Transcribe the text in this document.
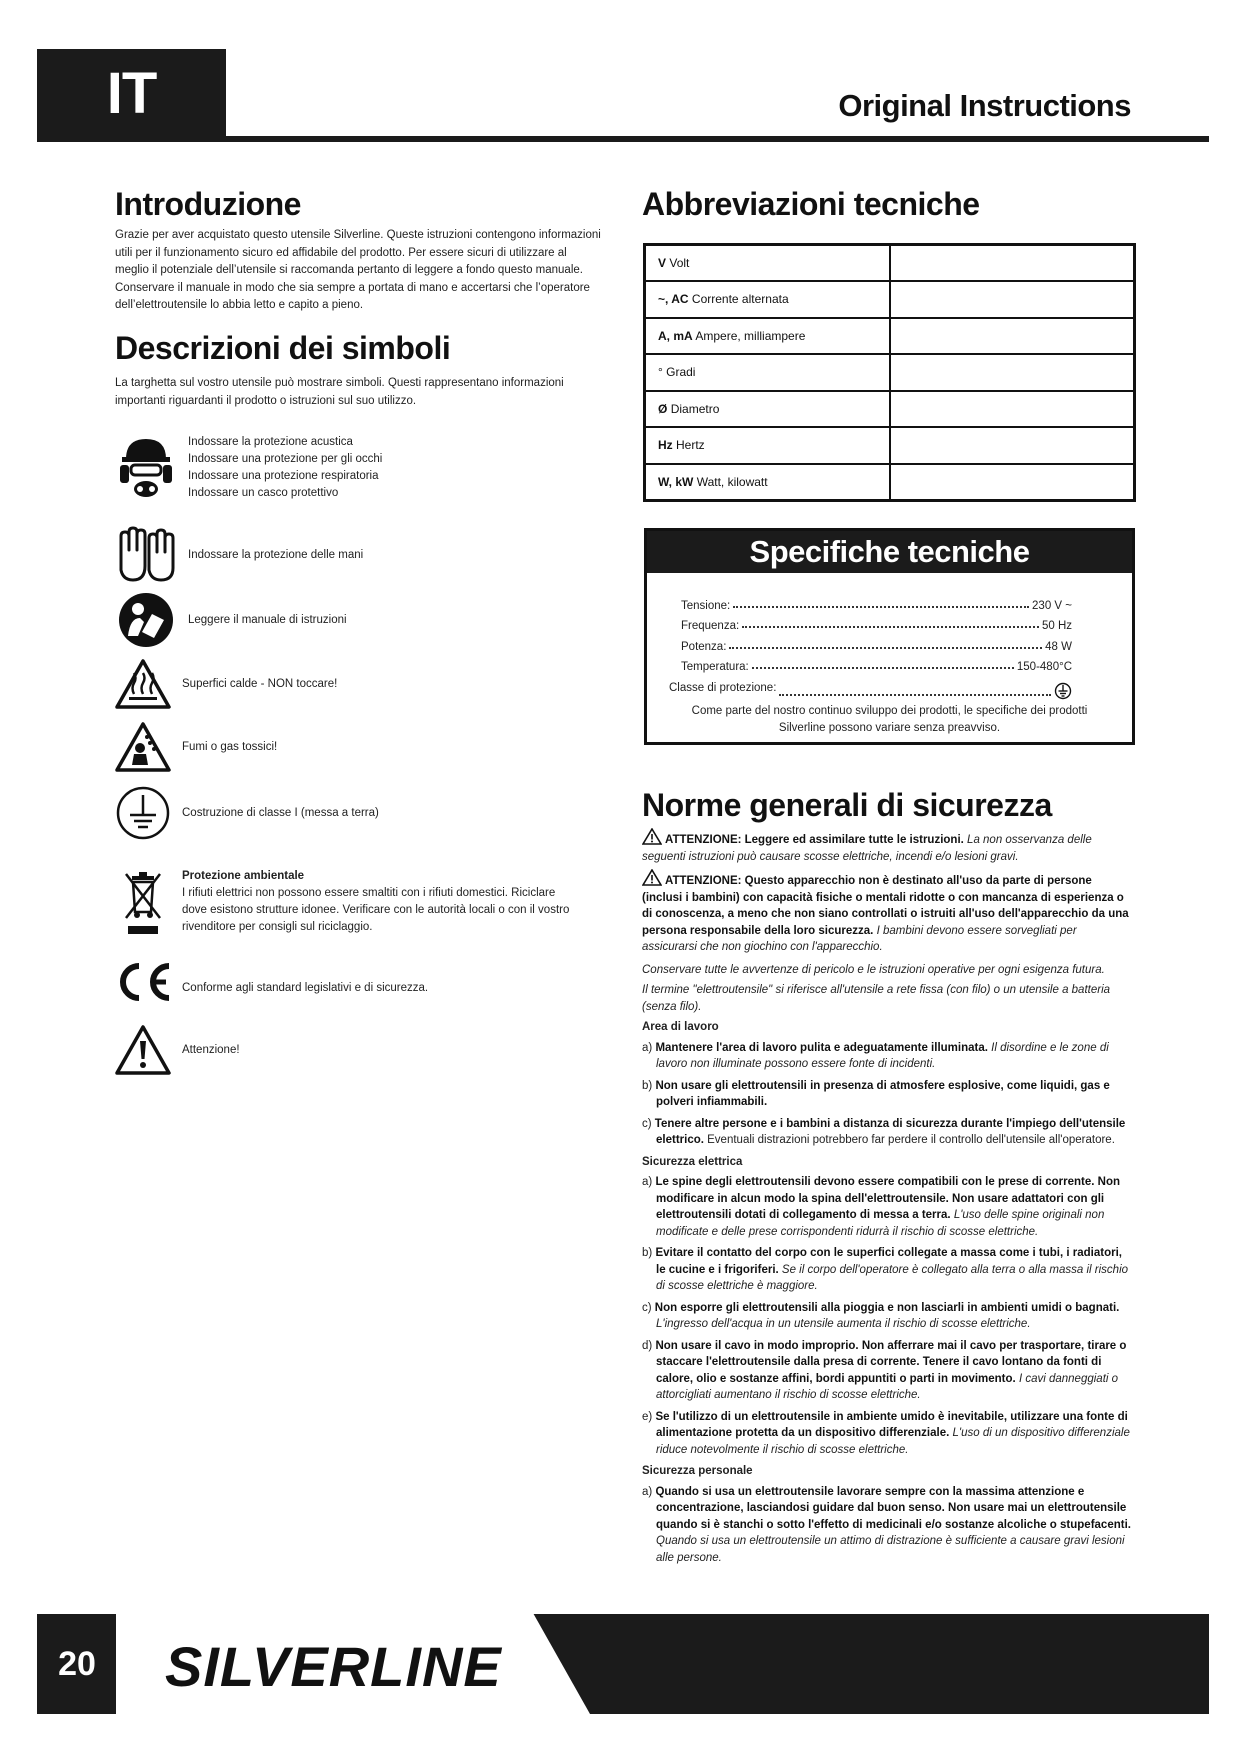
IT	Original Instructions
Introduzione
Grazie per aver acquistato questo utensile Silverline. Queste istruzioni contengono informazioni utili per il funzionamento sicuro ed affidabile del prodotto. Per essere sicuri di utilizzare al meglio il potenziale dell’utensile si raccomanda pertanto di leggere a fondo questo manuale. Conservare il manuale in modo che sia sempre a portata di mano e accertarsi che l’operatore dell’elettroutensile lo abbia letto e capito a pieno.
Descrizioni dei simboli
La targhetta sul vostro utensile può mostrare simboli. Questi rappresentano informazioni importanti riguardanti il prodotto o istruzioni sul suo utilizzo.
Indossare la protezione acustica
Indossare una protezione per gli occhi
Indossare una protezione respiratoria
Indossare un casco protettivo
Indossare la protezione delle mani
Leggere il manuale di istruzioni
Superfici calde - NON toccare!
Fumi o gas tossici!
Costruzione di classe I (messa a terra)
Protezione ambientale
I rifiuti elettrici non possono essere smaltiti con i rifiuti domestici. Riciclare dove esistono strutture idonee. Verificare con le autorità locali o con il vostro rivenditore per consigli sul riciclaggio.
Conforme agli standard legislativi e di sicurezza.
Attenzione!
Abbreviazioni tecniche
V Volt	
~, AC Corrente alternata	
A, mA Ampere, milliampere	
° Gradi	
Ø Diametro	
Hz Hertz	
W, kW Watt, kilowatt	
Specifiche tecniche
Tensione:	230 V ~
Frequenza:	50 Hz
Potenza:	48 W
Temperatura:	150-480°C
Classe di protezione:
Come parte del nostro continuo sviluppo dei prodotti, le specifiche dei prodotti Silverline possono variare senza preavviso.
Norme generali di sicurezza

ATTENZIONE: Leggere ed assimilare tutte le istruzioni. La non osservanza delle seguenti istruzioni può causare scosse elettriche, incendi e/o lesioni gravi.

ATTENZIONE: Questo apparecchio non è destinato all'uso da parte di persone (inclusi i bambini) con capacità fisiche o mentali ridotte o con mancanza di esperienza o di conoscenza, a meno che non siano controllati o istruiti all'uso dell'apparecchio da una persona responsabile della loro sicurezza. I bambini devono essere sorvegliati per assicurarsi che non giochino con l'apparecchio.

Conservare tutte le avvertenze di pericolo e le istruzioni operative per ogni esigenza futura.

Il termine "elettroutensile" si riferisce all'utensile a rete fissa (con filo) o un utensile a batteria (senza filo).

Area di lavoro
a) Mantenere l'area di lavoro pulita e adeguatamente illuminata. Il disordine e le zone di lavoro non illuminate possono essere fonte di incidenti.
b) Non usare gli elettroutensili in presenza di atmosfere esplosive, come liquidi, gas e polveri infiammabili.
c) Tenere altre persone e i bambini a distanza di sicurezza durante l'impiego dell'utensile elettrico. Eventuali distrazioni potrebbero far perdere il controllo dell'utensile all'operatore.
Sicurezza elettrica
a) Le spine degli elettroutensili devono essere compatibili con le prese di corrente. Non modificare in alcun modo la spina dell'elettroutensile. Non usare adattatori con gli elettroutensili dotati di collegamento di messa a terra. L'uso delle spine originali non modificate e delle prese corrispondenti ridurrà il rischio di scosse elettriche.
b) Evitare il contatto del corpo con le superfici collegate a massa come i tubi, i radiatori, le cucine e i frigoriferi. Se il corpo dell'operatore è collegato alla terra o alla massa il rischio di scosse elettriche è maggiore.
c) Non esporre gli elettroutensili alla pioggia e non lasciarli in ambienti umidi o bagnati. L'ingresso dell'acqua in un utensile aumenta il rischio di scosse elettriche.
d) Non usare il cavo in modo improprio. Non afferrare mai il cavo per trasportare, tirare o staccare l'elettroutensile dalla presa di corrente. Tenere il cavo lontano da fonti di calore, olio e sostanze affini, bordi appuntiti o parti in movimento. I cavi danneggiati o attorcigliati aumentano il rischio di scosse elettriche.
e) Se l'utilizzo di un elettroutensile in ambiente umido è inevitabile, utilizzare una fonte di alimentazione protetta da un dispositivo differenziale. L'uso di un dispositivo differenziale riduce notevolmente il rischio di scosse elettriche.
Sicurezza personale
a) Quando si usa un elettroutensile lavorare sempre con la massima attenzione e concentrazione, lasciandosi guidare dal buon senso. Non usare mai un elettroutensile quando si è stanchi o sotto l'effetto di medicinali e/o sostanze alcoliche o stupefacenti. Quando si usa un elettroutensile un attimo di distrazione è sufficiente a causare gravi lesioni alle persone.
20	SILVERLINE
